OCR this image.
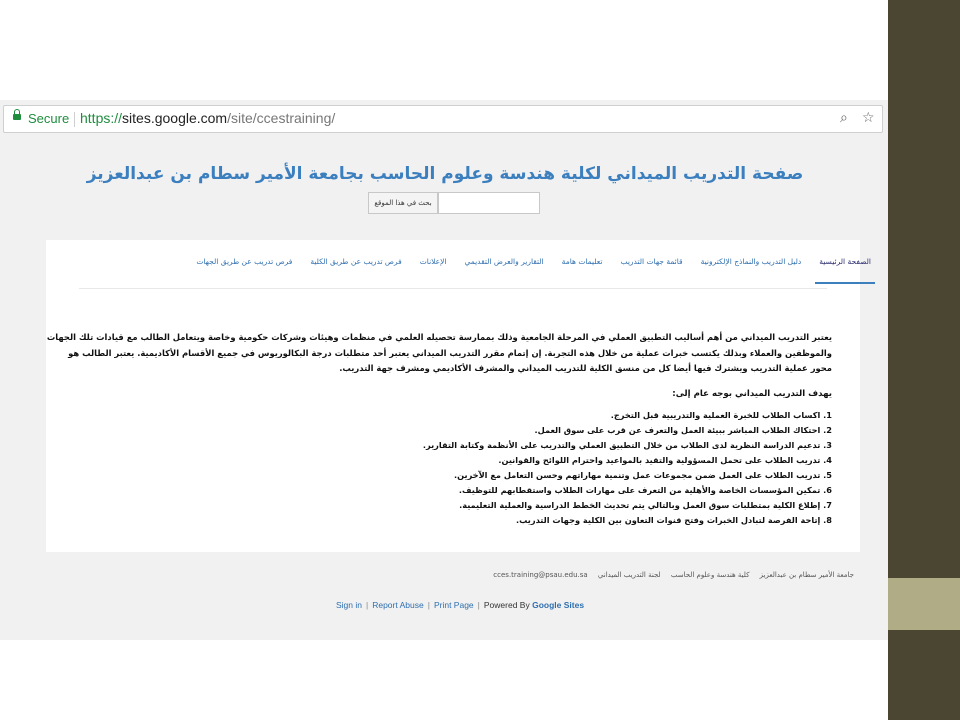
Secure https://sites.google.com/site/ccestraining/	⌕ ☆
صفحة التدريب الميداني لكلية هندسة وعلوم الحاسب بجامعة الأمير سطام بن عبدالعزيز
بحث في هذا الموقع
الصفحة الرئيسية
دليل التدريب والنماذج الإلكترونية
قائمة جهات التدريب
تعليمات هامة
التقارير والعرض التقديمي
الإعلانات
فرص تدريب عن طريق الكلية
فرص تدريب عن طريق الجهات

يعتبر التدريب الميداني من أهم أساليب التطبيق العملي في المرحلة الجامعية وذلك بممارسة تحصيله العلمي في منظمات وهيئات وشركات حكومية وخاصة ويتعامل الطالب مع قيادات تلك الجهات والموظفين والعملاء وبذلك يكتسب خبرات عملية من خلال هذه التجربة. إن إتمام مقرر التدريب الميداني يعتبر أحد متطلبات درجة البكالوريوس في جميع الأقسام الأكاديمية. يعتبر الطالب هو محور عملية التدريب ويشترك فيها أيضا كل من منسق الكلية للتدريب الميداني والمشرف الأكاديمي ومشرف جهة التدريب.

يهدف التدريب الميداني بوجه عام إلى:

1. اكساب الطلاب للخبرة العملية والتدريبية قبل التخرج.
2. احتكاك الطلاب المباشر ببيئة العمل والتعرف عن قرب على سوق العمل.
3. تدعيم الدراسة النظرية لدى الطلاب من خلال التطبيق العملي والتدريب على الأنظمة وكتابة التقارير.
4. تدريب الطلاب على تحمل المسؤولية والتقيد بالمواعيد واحترام اللوائح والقوانين.
5. تدريب الطلاب على العمل ضمن مجموعات عمل وتنمية مهاراتهم وحسن التعامل مع الآخرين.
6. تمكين المؤسسات الخاصة والأهلية من التعرف على مهارات الطلاب واستقطابهم للتوظيف.
7. إطلاع الكلية بمتطلبات سوق العمل وبالتالي يتم تحديث الخطط الدراسية والعملية التعليمية.
8. إتاحة الفرصة لتبادل الخبرات وفتح قنوات التعاون بين الكلية وجهات التدريب.
جامعة الأمير سطام بن عبدالعزيز كلية هندسة وعلوم الحاسب لجنة التدريب الميداني cces.training@psau.edu.sa
Sign in | Report Abuse | Print Page | Powered By Google Sites
